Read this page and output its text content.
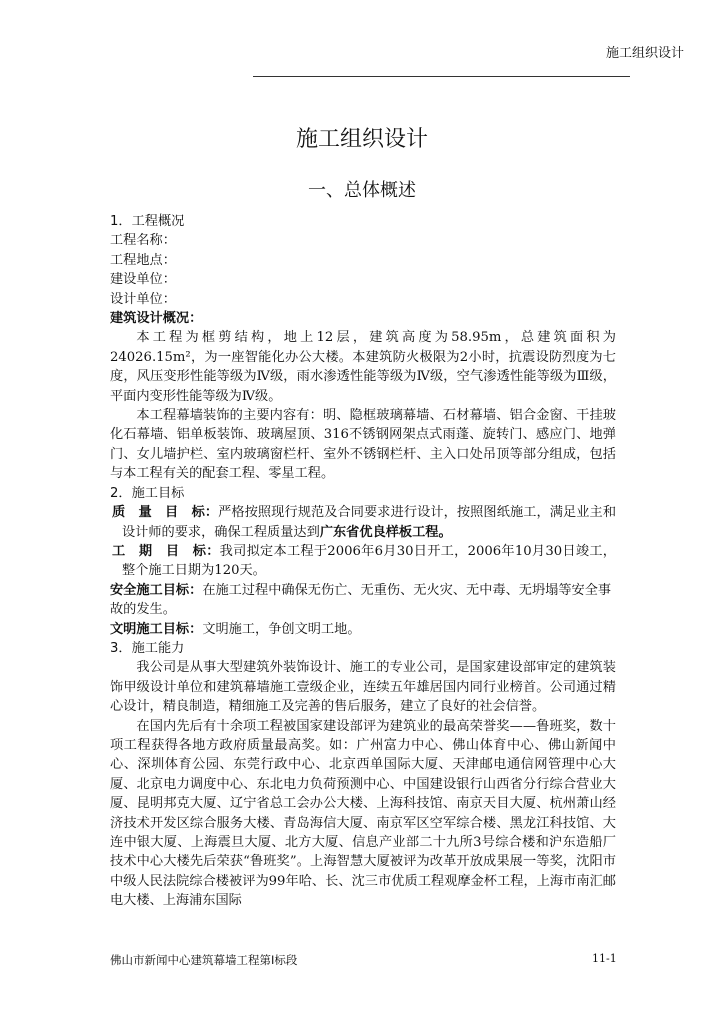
施工组织设计
施工组织设计
一、总体概述

1．工程概况

工程名称：

工程地点：

建设单位：

设计单位：

建筑设计概况：

本工程为框剪结构，地上12层，建筑高度为58.95m，总建筑面积为24026.15m²，为一座智能化办公大楼。本建筑防火极限为2小时，抗震设防烈度为七度，风压变形性能等级为Ⅳ级，雨水渗透性能等级为Ⅳ级，空气渗透性能等级为Ⅲ级，平面内变形性能等级为Ⅳ级。

本工程幕墙装饰的主要内容有：明、隐框玻璃幕墙、石材幕墙、铝合金窗、干挂玻化石幕墙、铝单板装饰、玻璃屋顶、316不锈钢网架点式雨蓬、旋转门、感应门、地弹门、女儿墙护栏、室内玻璃窗栏杆、室外不锈钢栏杆、主入口处吊顶等部分组成，包括与本工程有关的配套工程、零星工程。

2．施工目标

质　量　目　标：严格按照现行规范及合同要求进行设计，按照图纸施工，满足业主和设计师的要求，确保工程质量达到广东省优良样板工程。

工　期　目　标：我司拟定本工程于2006年6月30日开工，2006年10月30日竣工，整个施工日期为120天。

安全施工目标：在施工过程中确保无伤亡、无重伤、无火灾、无中毒、无坍塌等安全事故的发生。

文明施工目标：文明施工，争创文明工地。

3．施工能力

我公司是从事大型建筑外装饰设计、施工的专业公司，是国家建设部审定的建筑装饰甲级设计单位和建筑幕墙施工壹级企业，连续五年雄居国内同行业榜首。公司通过精心设计，精良制造，精细施工及完善的售后服务，建立了良好的社会信誉。

在国内先后有十余项工程被国家建设部评为建筑业的最高荣誉奖——鲁班奖，数十项工程获得各地方政府质量最高奖。如：广州富力中心、佛山体育中心、佛山新闻中心、深圳体育公园、东莞行政中心、北京西单国际大厦、天津邮电通信网管理中心大厦、北京电力调度中心、东北电力负荷预测中心、中国建设银行山西省分行综合营业大厦、昆明邦克大厦、辽宁省总工会办公大楼、上海科技馆、南京天目大厦、杭州萧山经济技术开发区综合服务大楼、青岛海信大厦、南京军区空军综合楼、黑龙江科技馆、大连中银大厦、上海震旦大厦、北方大厦、信息产业部二十九所3号综合楼和沪东造船厂技术中心大楼先后荣获“鲁班奖”。上海智慧大厦被评为改革开放成果展一等奖，沈阳市中级人民法院综合楼被评为99年哈、长、沈三市优质工程观摩金杯工程，上海市南汇邮电大楼、上海浦东国际

佛山市新闻中心建筑幕墙工程第Ⅰ标段	11-1
